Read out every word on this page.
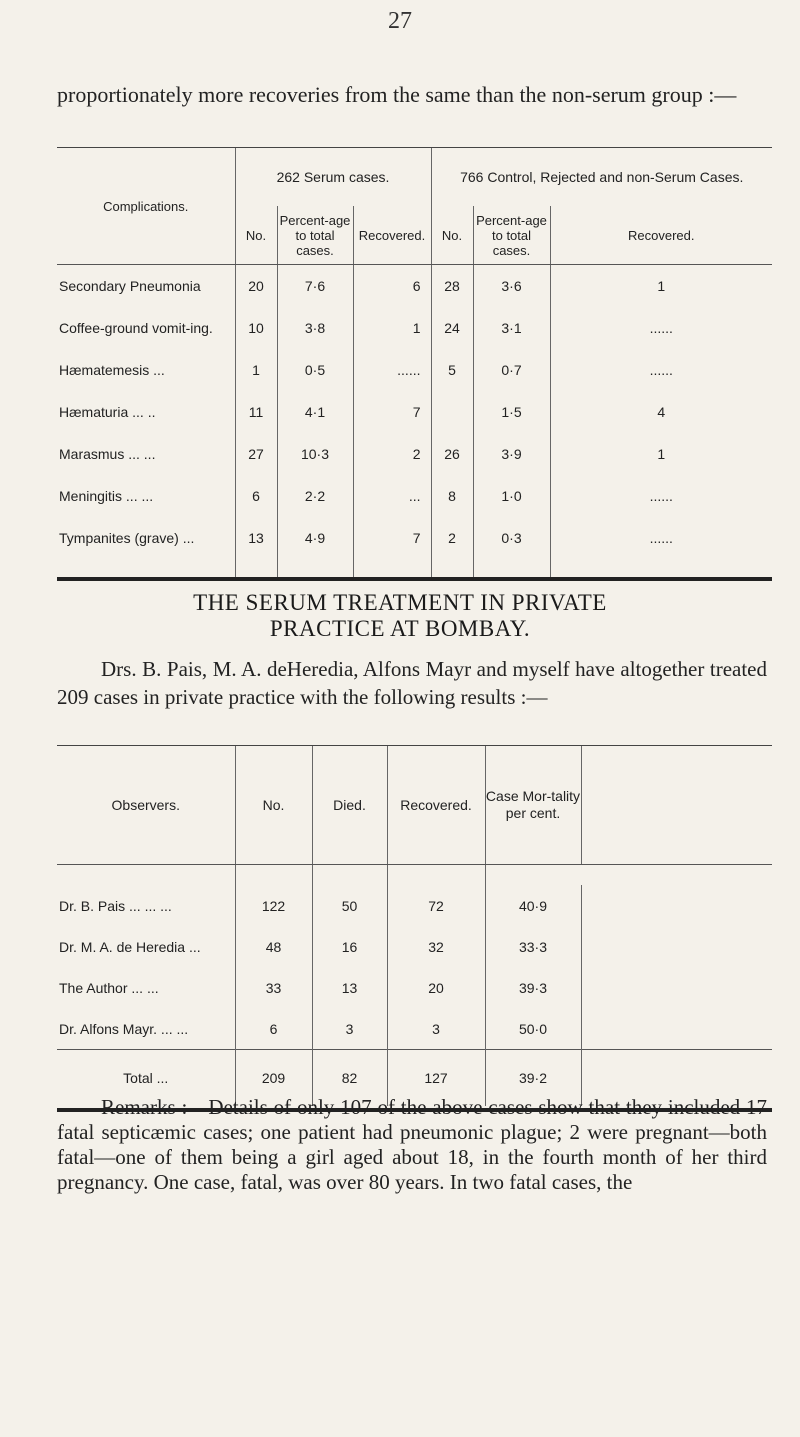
27
proportionately more recoveries from the same than the non-serum group :—

Complications.	262 Serum cases.			766 Control, Rejected and non-Serum Cases.		
	No.	Percent-age to total cases.	Recovered.	No.	Percent-age to total cases.	Recovered.

Secondary Pneumonia	20	7·6	6	28	3·6	1
Coffee-ground vomit-ing.	10	3·8	1	24	3·1	......
Hæmatemesis ...	1	0·5	......	5	0·7	......
Hæmaturia ... ..	11	4·1	7		1·5	4
Marasmus ... ...	27	10·3	2	26	3·9	1
Meningitis ... ...	6	2·2	...	8	1·0	......
Tympanites (grave) ...	13	4·9	7	2	0·3	......

THE SERUM TREATMENT IN PRIVATE
PRACTICE AT BOMBAY.
Drs. B. Pais, M. A. deHeredia, Alfons Mayr and myself have altogether treated 209 cases in private practice with the following results :—

Observers.	No.	Died.	Recovered.	Case Mor-tality per cent.	

Dr. B. Pais ... ... ...	122	50	72	40·9	
Dr. M. A. de Heredia ...	48	16	32	33·3	
The Author ... ...	33	13	20	39·3	
Dr. Alfons Mayr. ... ...	6	3	3	50·0	

Total ...	209	82	127	39·2	

Remarks :—Details of only 107 of the above cases show that they included 17 fatal septicæmic cases; one patient had pneumonic plague; 2 were pregnant—both fatal—one of them being a girl aged about 18, in the fourth month of her third pregnancy. One case, fatal, was over 80 years. In two fatal cases, the
